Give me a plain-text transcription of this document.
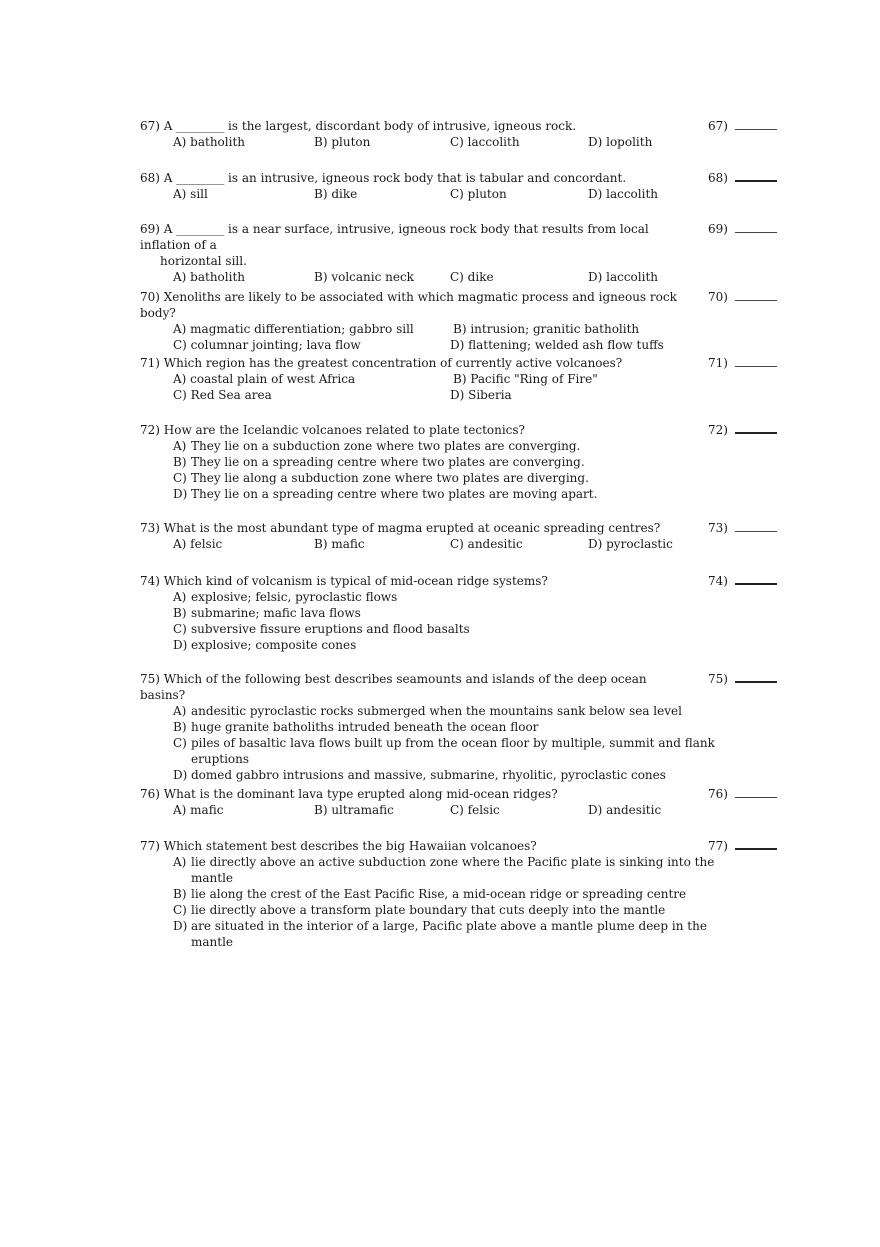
67) A ________ is the largest, discordant body of intrusive, igneous rock.	67)
A) batholith	B) pluton	C) laccolith	D) lopolith
68) A ________ is an intrusive, igneous rock body that is tabular and concordant.	68)
A) sill	B) dike	C) pluton	D) laccolith
69) A ________ is a near surface, intrusive, igneous rock body that results from local inflation of a
horizontal sill.
69)
A) batholith	B) volcanic neck	C) dike	D) laccolith
70) Xenoliths are likely to be associated with which magmatic process and igneous rock body?
70)
A) magmatic differentiation; gabbro sill	B) intrusion; granitic batholith
C) columnar jointing; lava flow	D) flattening; welded ash flow tuffs
71) Which region has the greatest concentration of currently active volcanoes?	71)
A) coastal plain of west Africa	B) Pacific "Ring of Fire"
C) Red Sea area	D) Siberia
72) How are the Icelandic volcanoes related to plate tectonics?	72)
A) They lie on a subduction zone where two plates are converging.
B) They lie on a spreading centre where two plates are converging.
C) They lie along a subduction zone where two plates are diverging.
D) They lie on a spreading centre where two plates are moving apart.
73) What is the most abundant type of magma erupted at oceanic spreading centres?	73)
A) felsic	B) mafic	C) andesitic	D) pyroclastic
74) Which kind of volcanism is typical of mid-ocean ridge systems?	74)
A) explosive; felsic, pyroclastic flows
B) submarine; mafic lava flows
C) subversive fissure eruptions and flood basalts
D) explosive; composite cones
75) Which of the following best describes seamounts and islands of the deep ocean basins?
75)
A) andesitic pyroclastic rocks submerged when the mountains sank below sea level
B) huge granite batholiths intruded beneath the ocean floor
C) piles of basaltic lava flows built up from the ocean floor by multiple, summit and flank eruptions
D) domed gabbro intrusions and massive, submarine, rhyolitic, pyroclastic cones
76) What is the dominant lava type erupted along mid-ocean ridges?	76)
A) mafic	B) ultramafic	C) felsic	D) andesitic
77) Which statement best describes the big Hawaiian volcanoes?	77)
A) lie directly above an active subduction zone where the Pacific plate is sinking into the mantle
B) lie along the crest of the East Pacific Rise, a mid-ocean ridge or spreading centre
C) lie directly above a transform plate boundary that cuts deeply into the mantle
D) are situated in the interior of a large, Pacific plate above a mantle plume deep in the mantle
